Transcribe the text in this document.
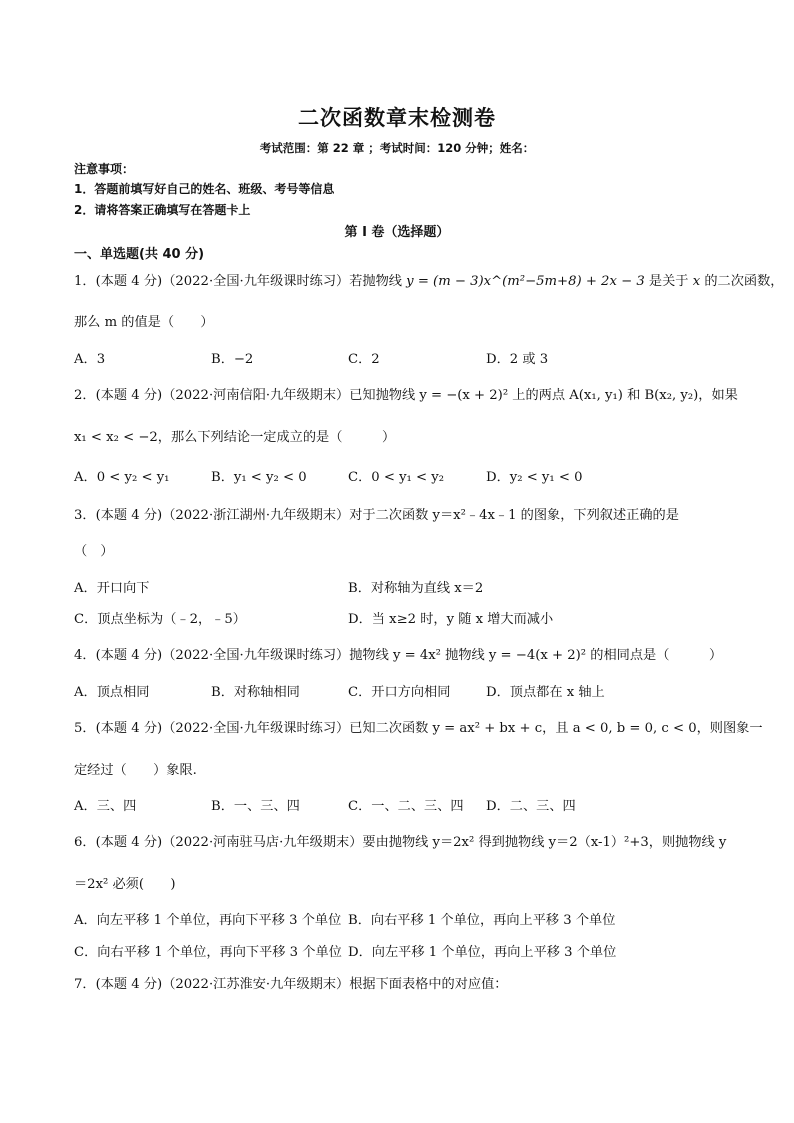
二次函数章末检测卷
考试范围：第 22 章 ；考试时间：120 分钟；姓名：
注意事项：
1．答题前填写好自己的姓名、班级、考号等信息
2．请将答案正确填写在答题卡上
第 I 卷（选择题）
一、单选题(共 40 分)
1．(本题 4 分)（2022·全国·九年级课时练习）若抛物线 y = (m − 3)x^(m²−5m+8) + 2x − 3 是关于 x 的二次函数，
那么 m 的值是（　　）
A．3	B．−2	C．2	D．2 或 3
2．(本题 4 分)（2022·河南信阳·九年级期末）已知抛物线 y = −(x + 2)² 上的两点 A(x₁, y₁) 和 B(x₂, y₂)，如果
x₁ < x₂ < −2，那么下列结论一定成立的是（　　　）
A．0 < y₂ < y₁	B．y₁ < y₂ < 0	C．0 < y₁ < y₂	D．y₂ < y₁ < 0
3．(本题 4 分)（2022·浙江湖州·九年级期末）对于二次函数 y＝x²﹣4x﹣1 的图象，下列叙述正确的是
（　）
A．开口向下	B．对称轴为直线 x＝2
C．顶点坐标为（﹣2，﹣5）	D．当 x≥2 时，y 随 x 增大而减小
4．(本题 4 分)（2022·全国·九年级课时练习）抛物线 y = 4x² 抛物线 y = −4(x + 2)² 的相同点是（　　　）
A．顶点相同	B．对称轴相同	C．开口方向相同	D．顶点都在 x 轴上
5．(本题 4 分)（2022·全国·九年级课时练习）已知二次函数 y = ax² + bx + c，且 a < 0, b = 0, c < 0，则图象一
定经过（　　）象限.
A．三、四	B．一、三、四	C．一、二、三、四 D．二、三、四
6．(本题 4 分)（2022·河南驻马店·九年级期末）要由抛物线 y＝2x² 得到抛物线 y＝2（x-1）²+3，则抛物线 y
＝2x² 必须(　　)
A．向左平移 1 个单位，再向下平移 3 个单位 B．向右平移 1 个单位，再向上平移 3 个单位
C．向右平移 1 个单位，再向下平移 3 个单位 D．向左平移 1 个单位，再向上平移 3 个单位
7．(本题 4 分)（2022·江苏淮安·九年级期末）根据下面表格中的对应值：
